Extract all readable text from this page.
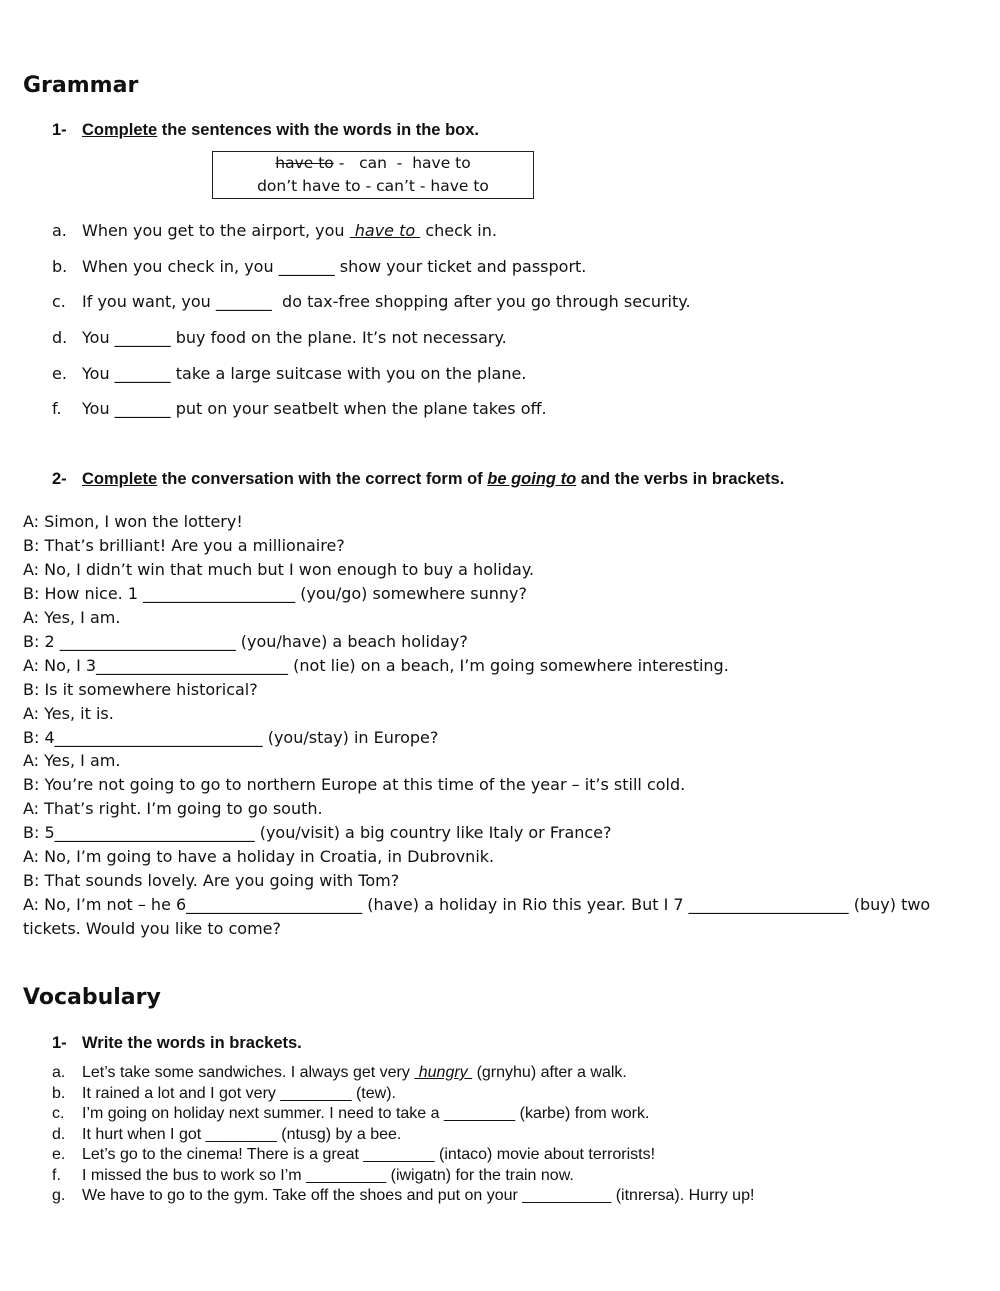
Grammar
1- Complete the sentences with the words in the box.
have to -   can  -  have to
don’t have to - can’t - have to
a. When you get to the airport, you  have to  check in.
b. When you check in, you _______ show your ticket and passport.
c. If you want, you _______  do tax-free shopping after you go through security.
d. You _______ buy food on the plane. It’s not necessary.
e. You _______ take a large suitcase with you on the plane.
f. You _______ put on your seatbelt when the plane takes off.
2- Complete the conversation with the correct form of be going to and the verbs in brackets.
A: Simon, I won the lottery!
B: That’s brilliant! Are you a millionaire?
A: No, I didn’t win that much but I won enough to buy a holiday.
B: How nice. 1 ___________________ (you/go) somewhere sunny?
A: Yes, I am.
B: 2 ______________________ (you/have) a beach holiday?
A: No, I 3________________________ (not lie) on a beach, I’m going somewhere interesting.
B: Is it somewhere historical?
A: Yes, it is.
B: 4__________________________ (you/stay) in Europe?
A: Yes, I am.
B: You’re not going to go to northern Europe at this time of the year – it’s still cold.
A: That’s right. I’m going to go south.
B: 5_________________________ (you/visit) a big country like Italy or France?
A: No, I’m going to have a holiday in Croatia, in Dubrovnik.
B: That sounds lovely. Are you going with Tom?
A: No, I’m not – he 6______________________ (have) a holiday in Rio this year. But I 7 ____________________ (buy) two tickets. Would you like to come?
Vocabulary
1- Write the words in brackets.
a. Let’s take some sandwiches. I always get very  hungry  (grnyhu) after a walk.
b. It rained a lot and I got very ________ (tew).
c. I’m going on holiday next summer. I need to take a ________ (karbe) from work.
d. It hurt when I got ________ (ntusg) by a bee.
e. Let’s go to the cinema! There is a great ________ (intaco) movie about terrorists!
f. I missed the bus to work so I’m _________ (iwigatn) for the train now.
g. We have to go to the gym. Take off the shoes and put on your __________ (itnrersa). Hurry up!
